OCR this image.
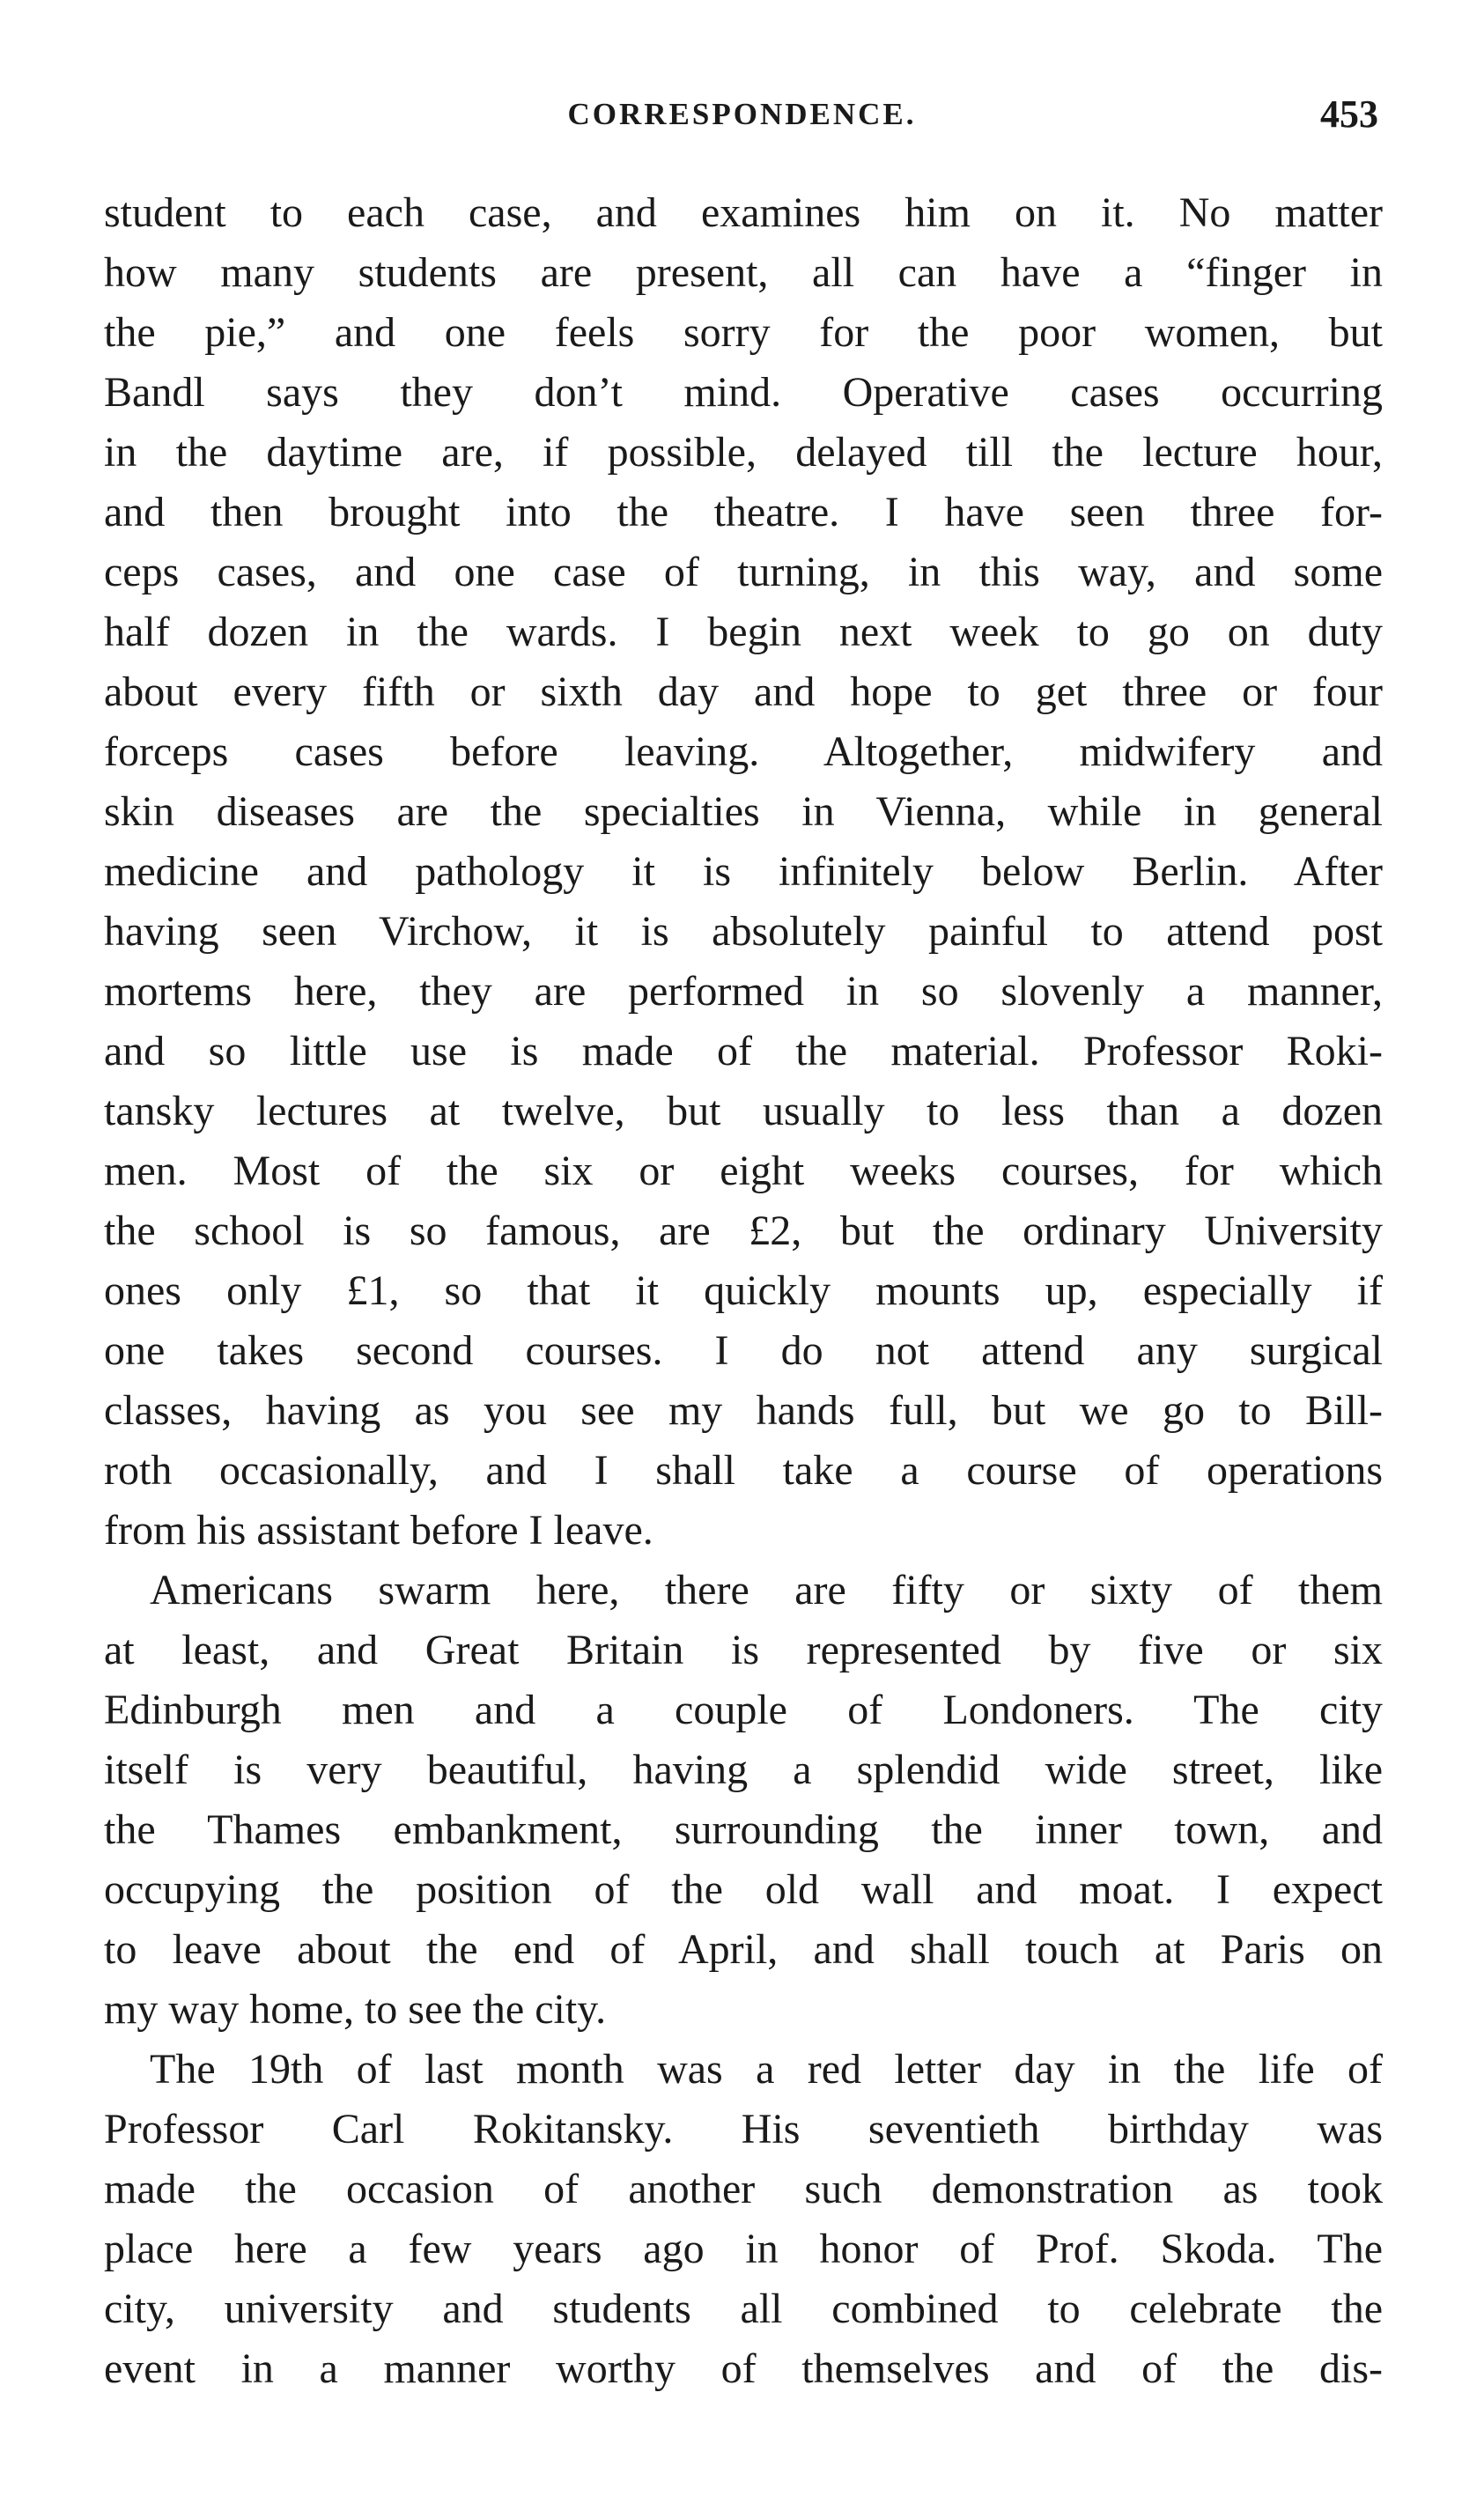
CORRESPONDENCE.	453
student to each case, and examines him on it. No matter
how many students are present, all can have a “finger in
the pie,” and one feels sorry for the poor women, but
Bandl says they don’t mind. Operative cases occurring
in the daytime are, if possible, delayed till the lecture hour,
and then brought into the theatre. I have seen three for-
ceps cases, and one case of turning, in this way, and some
half dozen in the wards. I begin next week to go on duty
about every fifth or sixth day and hope to get three or four
forceps cases before leaving. Altogether, midwifery and
skin diseases are the specialties in Vienna, while in general
medicine and pathology it is infinitely below Berlin. After
having seen Virchow, it is absolutely painful to attend post
mortems here, they are performed in so slovenly a manner,
and so little use is made of the material. Professor Roki-
tansky lectures at twelve, but usually to less than a dozen
men. Most of the six or eight weeks courses, for which
the school is so famous, are £2, but the ordinary University
ones only £1, so that it quickly mounts up, especially if
one takes second courses. I do not attend any surgical
classes, having as you see my hands full, but we go to Bill-
roth occasionally, and I shall take a course of operations
from his assistant before I leave.
Americans swarm here, there are fifty or sixty of them
at least, and Great Britain is represented by five or six
Edinburgh men and a couple of Londoners. The city
itself is very beautiful, having a splendid wide street, like
the Thames embankment, surrounding the inner town, and
occupying the position of the old wall and moat. I expect
to leave about the end of April, and shall touch at Paris on
my way home, to see the city.
The 19th of last month was a red letter day in the life of
Professor Carl Rokitansky. His seventieth birthday was
made the occasion of another such demonstration as took
place here a few years ago in honor of Prof. Skoda. The
city, university and students all combined to celebrate the
event in a manner worthy of themselves and of the dis-
